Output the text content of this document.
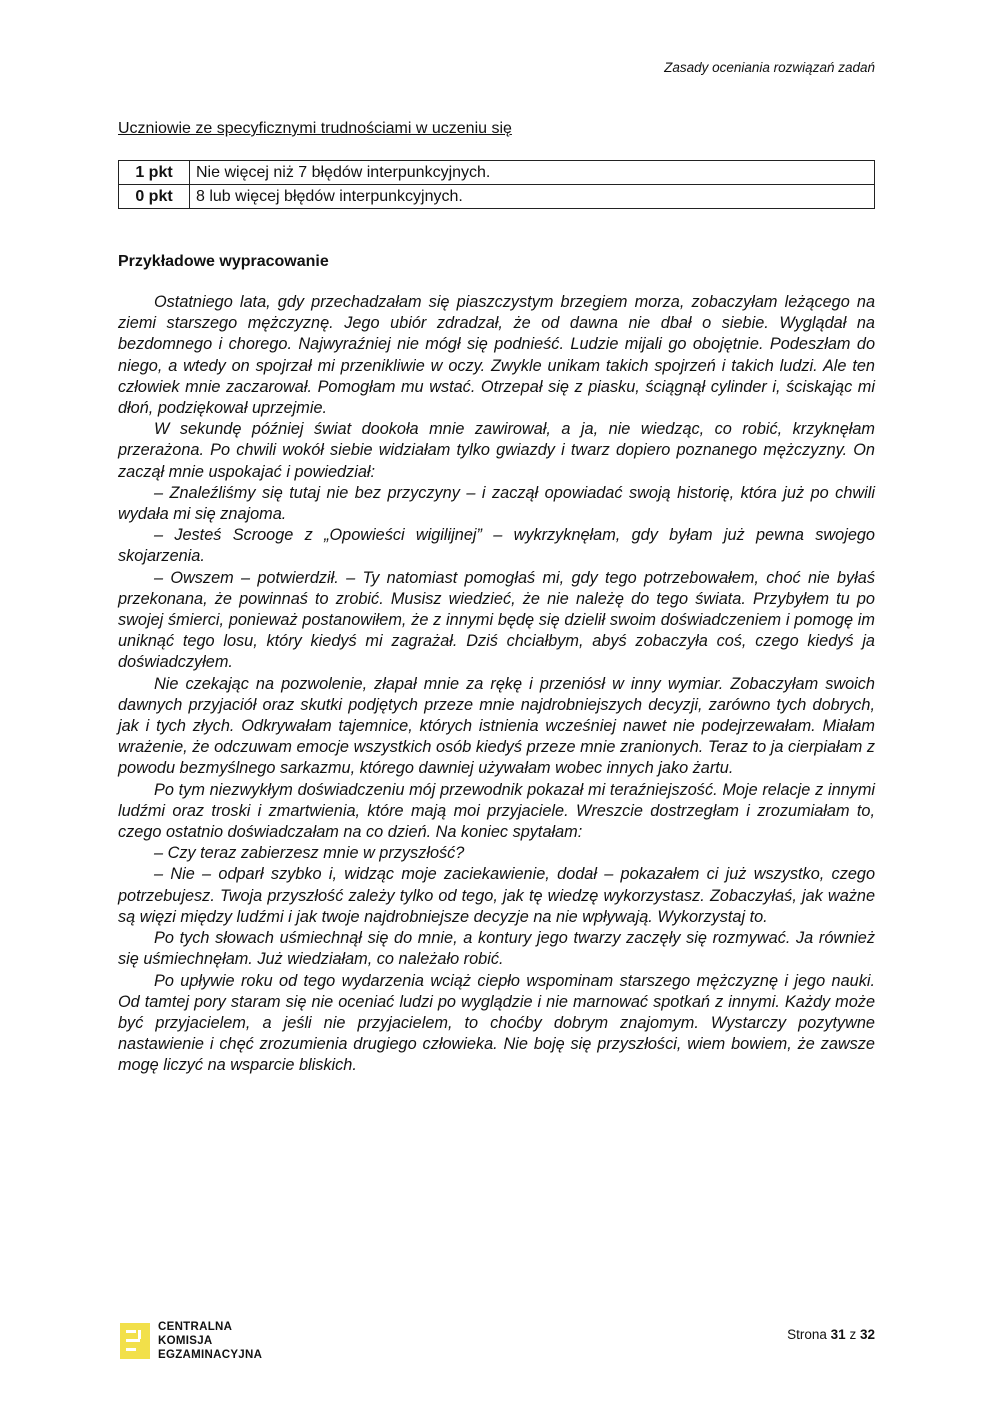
Zasady oceniania rozwiązań zadań
Uczniowie ze specyficznymi trudnościami w uczeniu się
1 pkt	Nie więcej niż 7 błędów interpunkcyjnych.
0 pkt	8 lub więcej błędów interpunkcyjnych.
Przykładowe wypracowanie

Ostatniego lata, gdy przechadzałam się piaszczystym brzegiem morza, zobaczyłam leżącego na ziemi starszego mężczyznę. Jego ubiór zdradzał, że od dawna nie dbał o siebie. Wyglądał na bezdomnego i chorego. Najwyraźniej nie mógł się podnieść. Ludzie mijali go obojętnie. Podeszłam do niego, a wtedy on spojrzał mi przenikliwie w oczy. Zwykle unikam takich spojrzeń i takich ludzi. Ale ten człowiek mnie zaczarował. Pomogłam mu wstać. Otrzepał się z piasku, ściągnął cylinder i, ściskając mi dłoń, podziękował uprzejmie.

W sekundę później świat dookoła mnie zawirował, a ja, nie wiedząc, co robić, krzyknęłam przerażona. Po chwili wokół siebie widziałam tylko gwiazdy i twarz dopiero poznanego mężczyzny. On zaczął mnie uspokajać i powiedział:

– Znaleźliśmy się tutaj nie bez przyczyny – i zaczął opowiadać swoją historię, która już po chwili wydała mi się znajoma.

– Jesteś Scrooge z „Opowieści wigilijnej” – wykrzyknęłam, gdy byłam już pewna swojego skojarzenia.

– Owszem – potwierdził. – Ty natomiast pomogłaś mi, gdy tego potrzebowałem, choć nie byłaś przekonana, że powinnaś to zrobić. Musisz wiedzieć, że nie należę do tego świata. Przybyłem tu po swojej śmierci, ponieważ postanowiłem, że z innymi będę się dzielił swoim doświadczeniem i pomogę im uniknąć tego losu, który kiedyś mi zagrażał. Dziś chciałbym, abyś zobaczyła coś, czego kiedyś ja doświadczyłem.

Nie czekając na pozwolenie, złapał mnie za rękę i przeniósł w inny wymiar. Zobaczyłam swoich dawnych przyjaciół oraz skutki podjętych przeze mnie najdrobniejszych decyzji, zarówno tych dobrych, jak i tych złych. Odkrywałam tajemnice, których istnienia wcześniej nawet nie podejrzewałam. Miałam wrażenie, że odczuwam emocje wszystkich osób kiedyś przeze mnie zranionych. Teraz to ja cierpiałam z powodu bezmyślnego sarkazmu, którego dawniej używałam wobec innych jako żartu.

Po tym niezwykłym doświadczeniu mój przewodnik pokazał mi teraźniejszość. Moje relacje z innymi ludźmi oraz troski i zmartwienia, które mają moi przyjaciele. Wreszcie dostrzegłam i zrozumiałam to, czego ostatnio doświadczałam na co dzień. Na koniec spytałam:

– Czy teraz zabierzesz mnie w przyszłość?

– Nie – odparł szybko i, widząc moje zaciekawienie, dodał – pokazałem ci już wszystko, czego potrzebujesz. Twoja przyszłość zależy tylko od tego, jak tę wiedzę wykorzystasz. Zobaczyłaś, jak ważne są więzi między ludźmi i jak twoje najdrobniejsze decyzje na nie wpływają. Wykorzystaj to.

Po tych słowach uśmiechnął się do mnie, a kontury jego twarzy zaczęły się rozmywać. Ja również się uśmiechnęłam. Już wiedziałam, co należało robić.

Po upływie roku od tego wydarzenia wciąż ciepło wspominam starszego mężczyznę i jego nauki. Od tamtej pory staram się nie oceniać ludzi po wyglądzie i nie marnować spotkań z innymi. Każdy może być przyjacielem, a jeśli nie przyjacielem, to choćby dobrym znajomym. Wystarczy pozytywne nastawienie i chęć zrozumienia drugiego człowieka. Nie boję się przyszłości, wiem bowiem, że zawsze mogę liczyć na wsparcie bliskich.

CENTRALNA
KOMISJA
EGZAMINACYJNA
Strona 31 z 32
